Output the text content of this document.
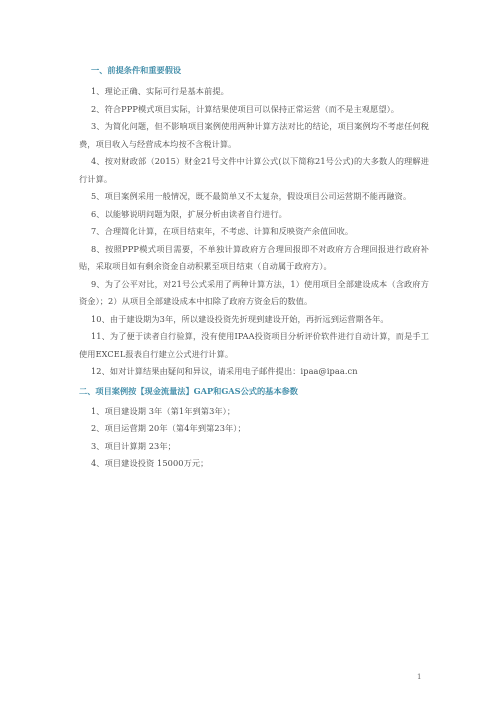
一、前提条件和重要假设

1、理论正确、实际可行是基本前提。

2、符合PPP模式项目实际，计算结果使项目可以保持正常运营（而不是主观愿望）。

3、为简化问题，但不影响项目案例使用两种计算方法对比的结论，项目案例均不考虑任何税费，项目收入与经营成本均按不含税计算。

4、按对财政部（2015）财金21号文件中计算公式(以下简称21号公式)的大多数人的理解进行计算。

5、项目案例采用一般情况，既不最简单又不太复杂，假设项目公司运营期不能再融资。

6、以能够说明问题为限，扩展分析由读者自行进行。

7、合理简化计算，在项目结束年，不考虑、计算和反映资产余值回收。

8、按照PPP模式项目需要，不单独计算政府方合理回报即不对政府方合理回报进行政府补贴，采取项目如有剩余资金自动积累至项目结束（自动属于政府方）。

9、为了公平对比，对21号公式采用了两种计算方法，1）使用项目全部建设成本（含政府方资金）；2）从项目全部建设成本中扣除了政府方资金后的数值。

10、由于建设期为3年，所以建设投资先折现到建设开始，再折远到运营期各年。

11、为了便于读者自行验算，没有使用IPAA投资项目分析评价软件进行自动计算，而是手工使用EXCEL报表自行建立公式进行计算。

12、如对计算结果由疑问和异议，请采用电子邮件提出：ipaa@ipaa.cn

二、项目案例按【现金流量法】GAP和GAS公式的基本参数

1、项目建设期 3年（第1年到第3年）；

2、项目运营期 20年（第4年到第23年）；

3、项目计算期 23年；

4、项目建设投资 15000万元；

1
